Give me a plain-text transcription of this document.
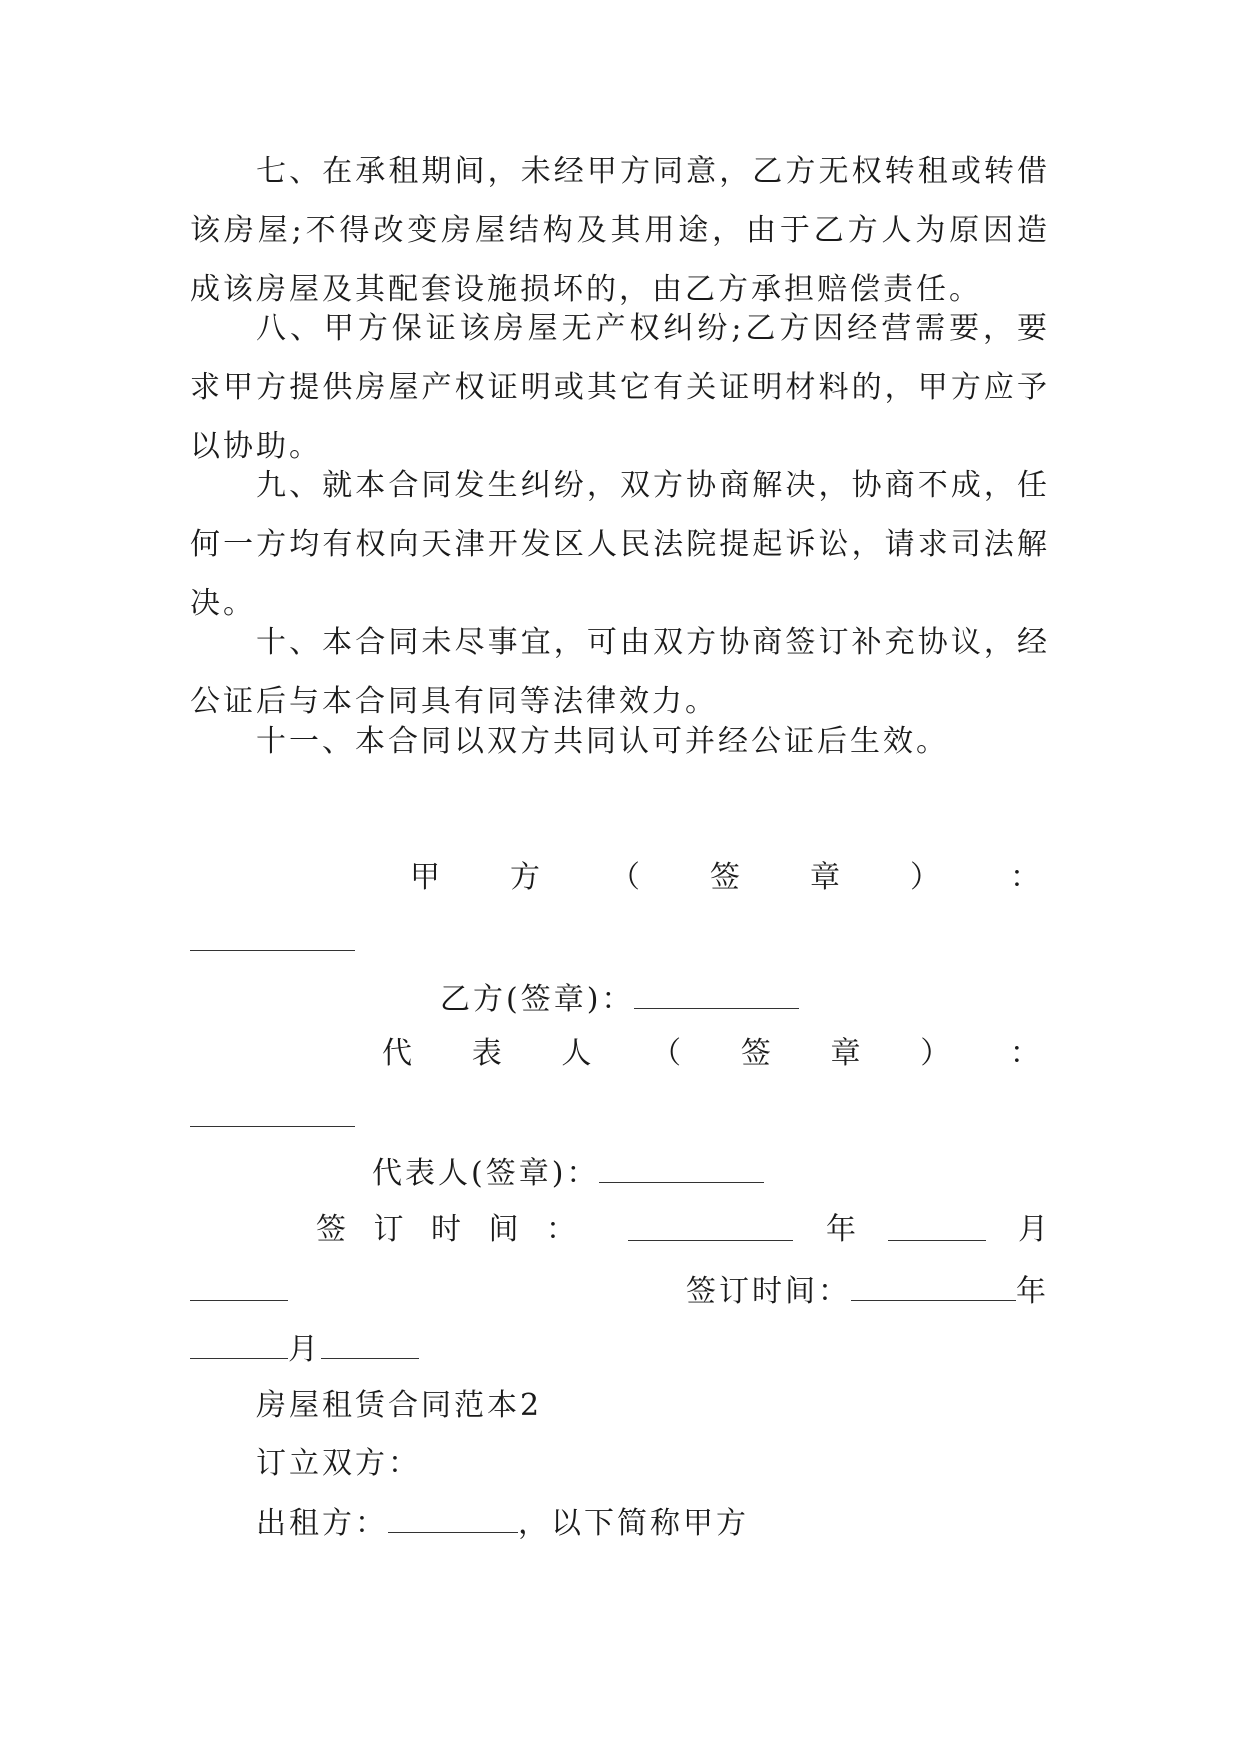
七、在承租期间，未经甲方同意，乙方无权转租或转借该房屋;不得改变房屋结构及其用途，由于乙方人为原因造成该房屋及其配套设施损坏的，由乙方承担赔偿责任。

八、甲方保证该房屋无产权纠纷;乙方因经营需要，要求甲方提供房屋产权证明或其它有关证明材料的，甲方应予以协助。

九、就本合同发生纠纷，双方协商解决，协商不成，任何一方均有权向天津开发区人民法院提起诉讼，请求司法解决。

十、本合同未尽事宜，可由双方协商签订补充协议，经公证后与本合同具有同等法律效力。

十一、本合同以双方共同认可并经公证后生效。

甲 方 （ 签 章 ） ：
乙方(签章)：
代 表 人 （ 签 章 ） ：
代表人(签章)：
签 订 时 间 ：	年	月
签订时间：	年
月
房屋租赁合同范本2
订立双方：
出租方：	，以下简称甲方
